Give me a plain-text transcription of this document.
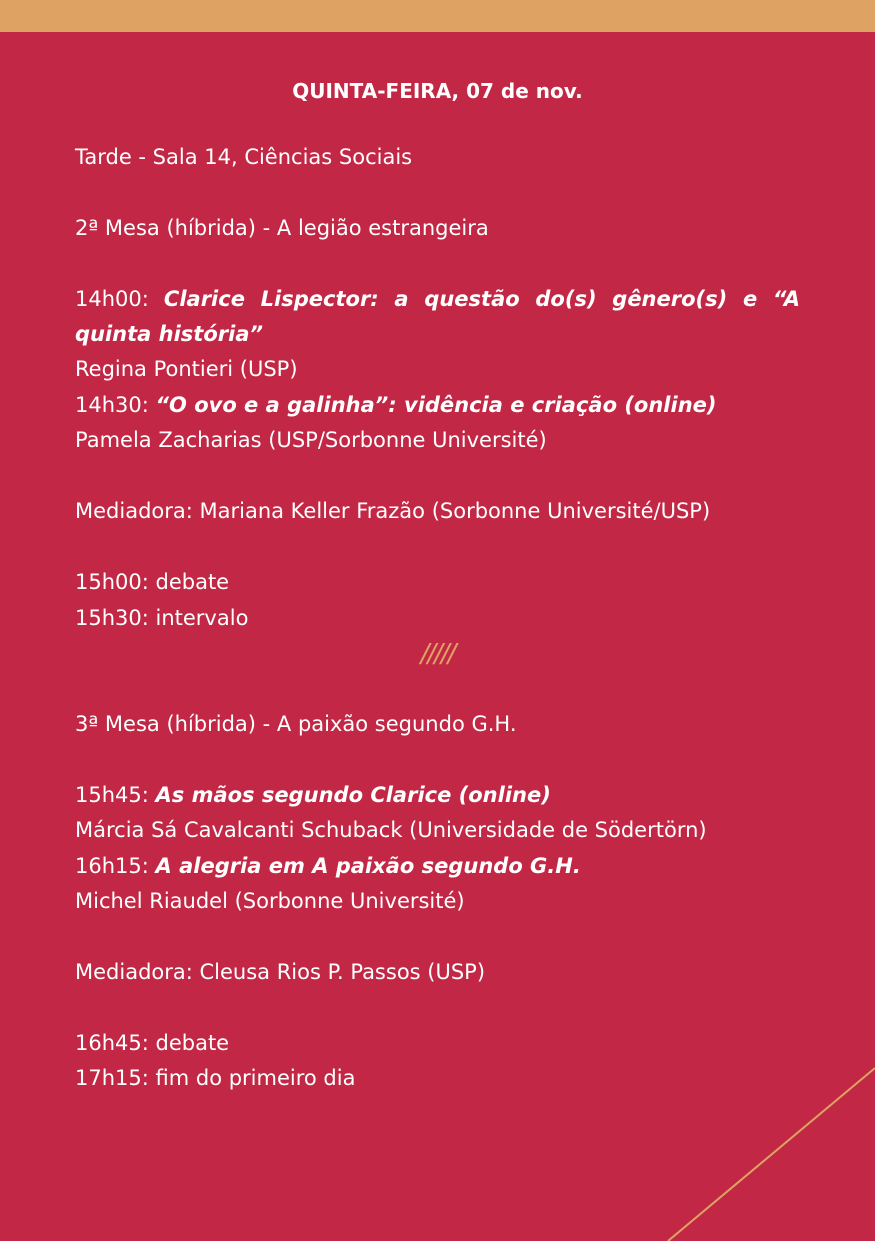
QUINTA-FEIRA, 07 de nov.
Tarde - Sala 14, Ciências Sociais
2ª Mesa (híbrida) - A legião estrangeira
14h00: Clarice Lispector: a questão do(s) gênero(s) e “A quinta história”
Regina Pontieri (USP)
14h30: “O ovo e a galinha”: vidência e criação (online)
Pamela Zacharias (USP/Sorbonne Université)
Mediadora: Mariana Keller Frazão (Sorbonne Université/USP)
15h00: debate
15h30: intervalo
/////
3ª Mesa (híbrida) - A paixão segundo G.H.
15h45: As mãos segundo Clarice (online)
Márcia Sá Cavalcanti Schuback (Universidade de Södertörn)
16h15: A alegria em A paixão segundo G.H.
Michel Riaudel (Sorbonne Université)
Mediadora: Cleusa Rios P. Passos (USP)
16h45: debate
17h15: fim do primeiro dia
